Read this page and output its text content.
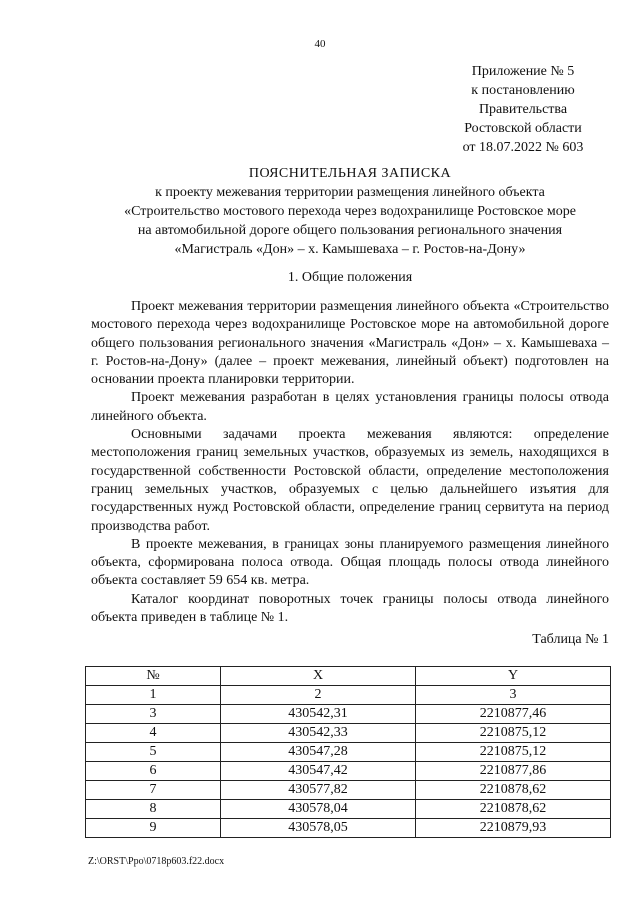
40
Приложение № 5
к постановлению
Правительства
Ростовской области
от 18.07.2022 № 603
ПОЯСНИТЕЛЬНАЯ ЗАПИСКА
к проекту межевания территории размещения линейного объекта
«Строительство мостового перехода через водохранилище Ростовское море
на автомобильной дороге общего пользования регионального значения
«Магистраль «Дон» – х. Камышеваха – г. Ростов-на-Дону»
1. Общие положения

Проект межевания территории размещения линейного объекта «Строительство мостового перехода через водохранилище Ростовское море на автомобильной дороге общего пользования регионального значения «Магистраль «Дон» – х. Камышеваха – г. Ростов-на-Дону» (далее – проект межевания, линейный объект) подготовлен на основании проекта планировки территории.

Проект межевания разработан в целях установления границы полосы отвода линейного объекта.

Основными задачами проекта межевания являются: определение местоположения границ земельных участков, образуемых из земель, находящихся в государственной собственности Ростовской области, определение местоположения границ земельных участков, образуемых с целью дальнейшего изъятия для государственных нужд Ростовской области, определение границ сервитута на период производства работ.

В проекте межевания, в границах зоны планируемого размещения линейного объекта, сформирована полоса отвода. Общая площадь полосы отвода линейного объекта составляет 59 654 кв. метра.

Каталог координат поворотных точек границы полосы отвода линейного объекта приведен в таблице № 1.

Таблица № 1
№	X	Y
1	2	3
3	430542,31	2210877,46
4	430542,33	2210875,12
5	430547,28	2210875,12
6	430547,42	2210877,86
7	430577,82	2210878,62
8	430578,04	2210878,62
9	430578,05	2210879,93
Z:\ORST\Ppo\0718p603.f22.docx
